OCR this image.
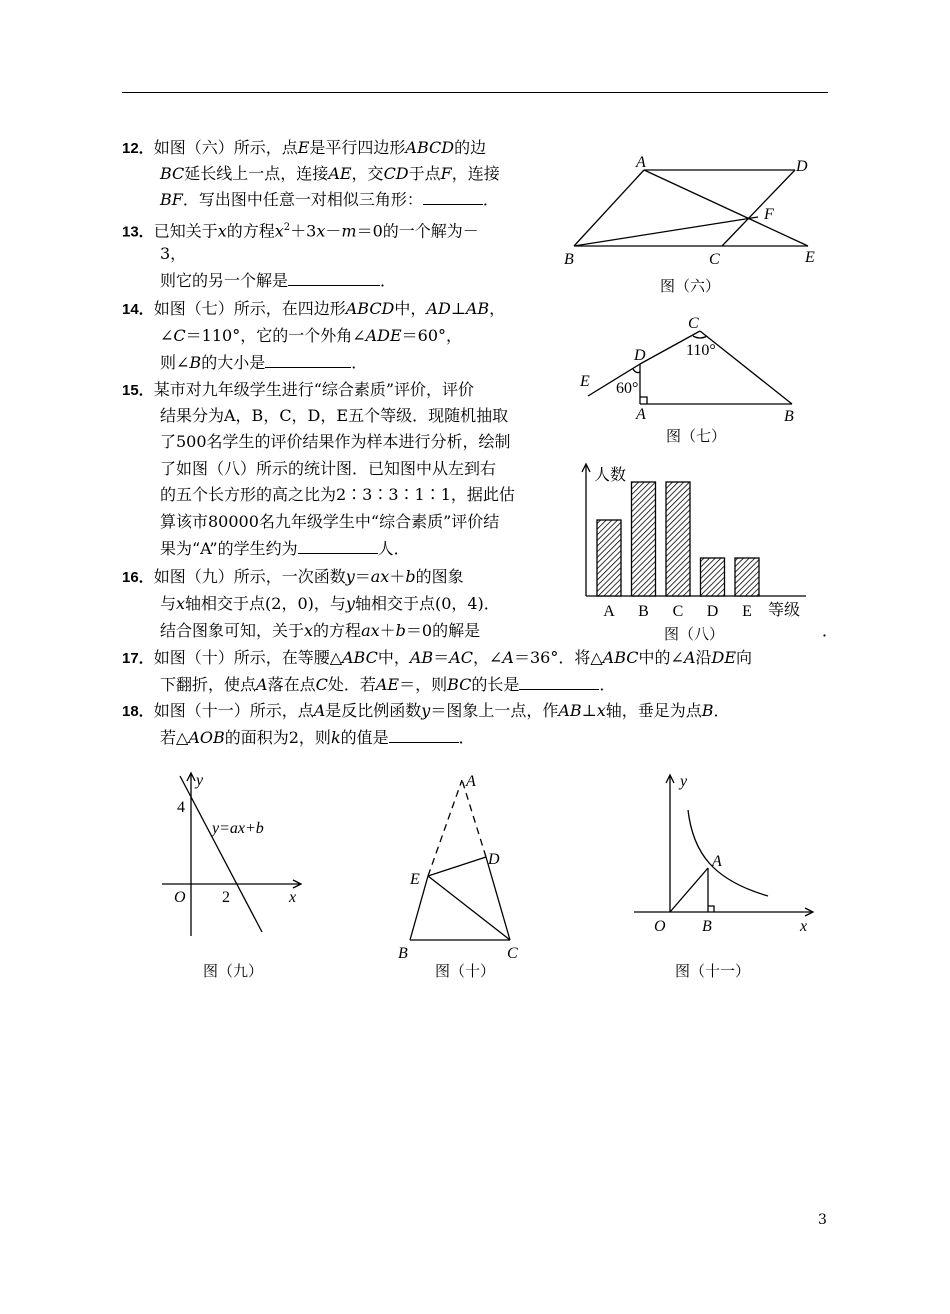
12．如图（六）所示，点E是平行四边形ABCD的边
BC延长线上一点，连接AE，交CD于点F，连接
BF．写出图中任意一对相似三角形：	．
13．已知关于x的方程$x^2+3x-m=0$的一个解为－
3，
则它的另一个解是	．
14．如图（七）所示，在四边形ABCD中，AD⊥AB，
∠C＝110°，它的一个外角∠ADE＝60°，
则∠B的大小是	．
15．某市对九年级学生进行“综合素质”评价，评价
结果分为A，B，C，D，E五个等级．现随机抽取
了500名学生的评价结果作为样本进行分析，绘制
了如图（八）所示的统计图．已知图中从左到右
的五个长方形的高之比为2∶3∶3∶1∶1，据此估
算该市80000名九年级学生中“综合素质”评价结
果为“A”的学生约为	人．
16．如图（九）所示，一次函数y＝ax＋b的图象
与x轴相交于点(2，0)，与y轴相交于点(0，4)．
结合图象可知，关于x的方程ax＋b＝0的解是	．
17．如图（十）所示，在等腰△ABC中，AB＝AC，∠A＝36°．将△ABC中的∠A沿DE向
下翻折，使点A落在点C处．若AE＝，则BC的长是	．
18．如图（十一）所示，点A是反比例函数y＝图象上一点，作AB⊥x轴，垂足为点B．
若△AOB的面积为2，则k的值是	．
A	D
F
B	C	E
图（六）
C
D	110°
E 60°
A	B
图（七）
人数
等级
A B C D E
图（八）
y
4
y=ax+b
O 2	x
图（九）
A
D
E
B	C
图（十）
y
A
O B	x
图（十一）
3
